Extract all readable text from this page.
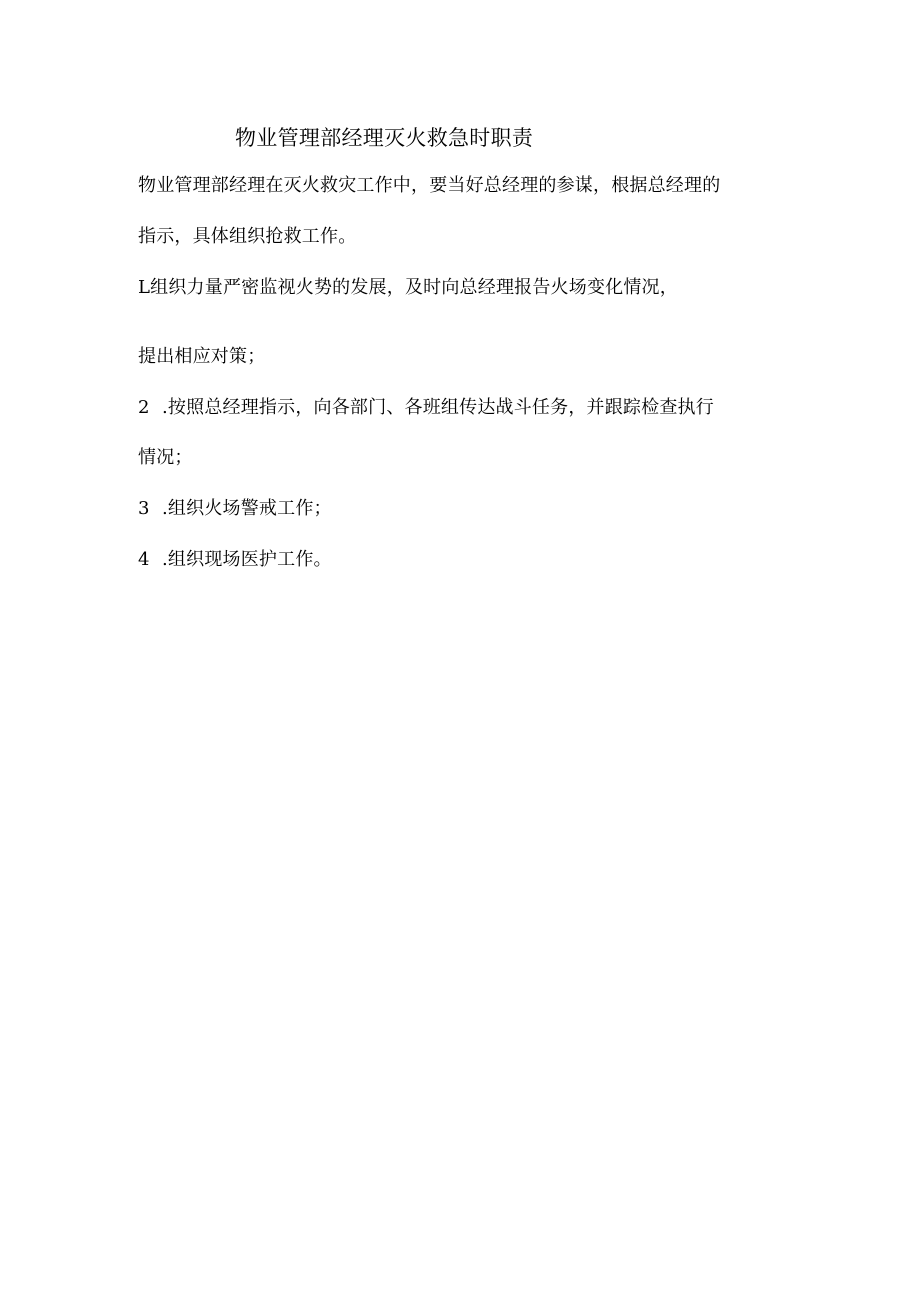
物业管理部经理灭火救急时职责
物业管理部经理在灭火救灾工作中，要当好总经理的参谋，根据总经理的
指示，具体组织抢救工作。
L组织力量严密监视火势的发展，及时向总经理报告火场变化情况，
提出相应对策；
2 .按照总经理指示，向各部门、各班组传达战斗任务，并跟踪检查执行
情况；
3 .组织火场警戒工作；
4 .组织现场医护工作。
